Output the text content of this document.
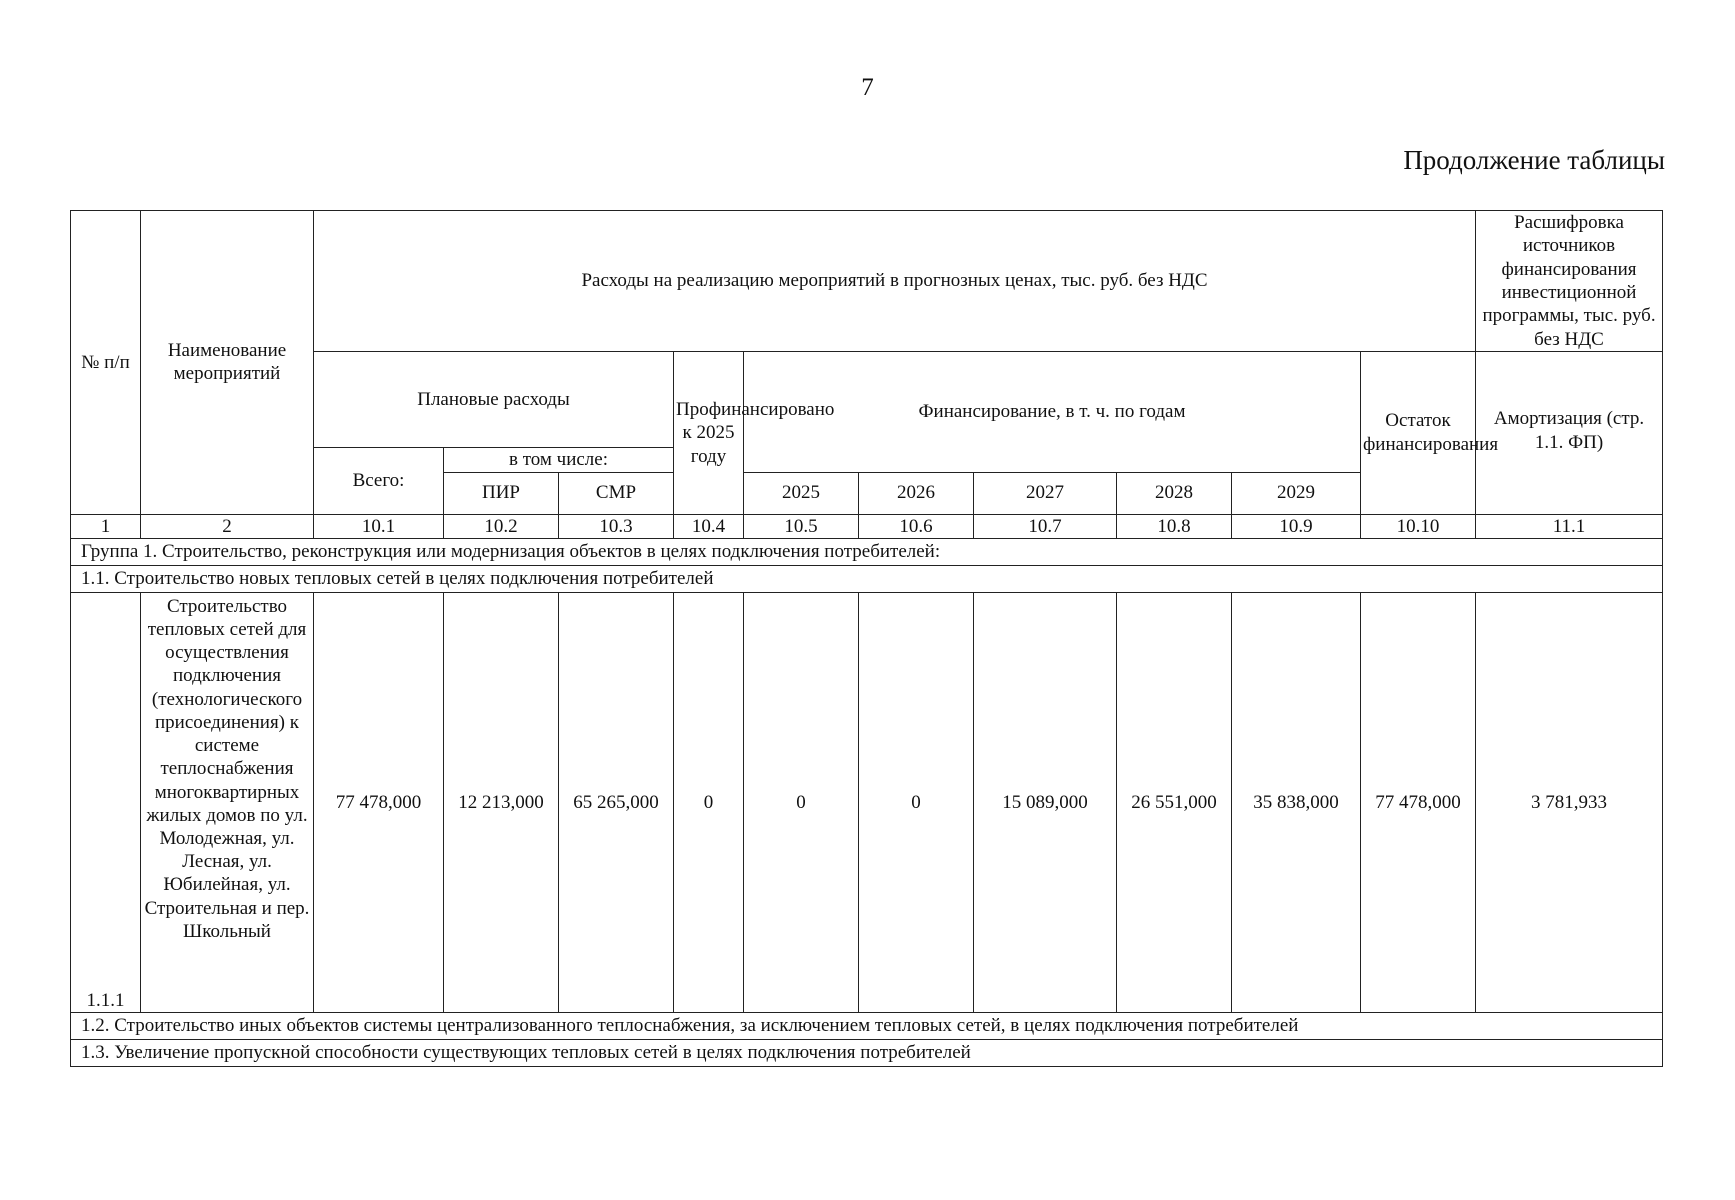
7
Продолжение таблицы
№ п/п	Наименование мероприятий	Расходы на реализацию мероприятий в прогнозных ценах, тыс. руб. без НДС										Расшифровка источников финансирования инвестиционной программы, тыс. руб. без НДС
		Плановые расходы			Профинансировано к 2025 году	Финансирование, в т. ч. по годам					Остаток финансирования	Амортизация (стр. 1.1. ФП)
		Всего:	в том числе:									
			ПИР	СМР		2025	2026	2027	2028	2029		
1	2	10.1	10.2	10.3	10.4	10.5	10.6	10.7	10.8	10.9	10.10	11.1
Группа 1. Строительство, реконструкция или модернизация объектов в целях подключения потребителей:												
1.1. Строительство новых тепловых сетей в целях подключения потребителей												
1.1.1	Строительство тепловых сетей для осуществления подключения (технологического присоединения) к системе теплоснабжения многоквартирных жилых домов по ул. Молодежная, ул. Лесная, ул. Юбилейная, ул. Строительная и пер. Школьный	77 478,000	12 213,000	65 265,000	0	0	0	15 089,000	26 551,000	35 838,000	77 478,000	3 781,933
1.2. Строительство иных объектов системы централизованного теплоснабжения, за исключением тепловых сетей, в целях подключения потребителей												
1.3. Увеличение пропускной способности существующих тепловых сетей в целях подключения потребителей												
